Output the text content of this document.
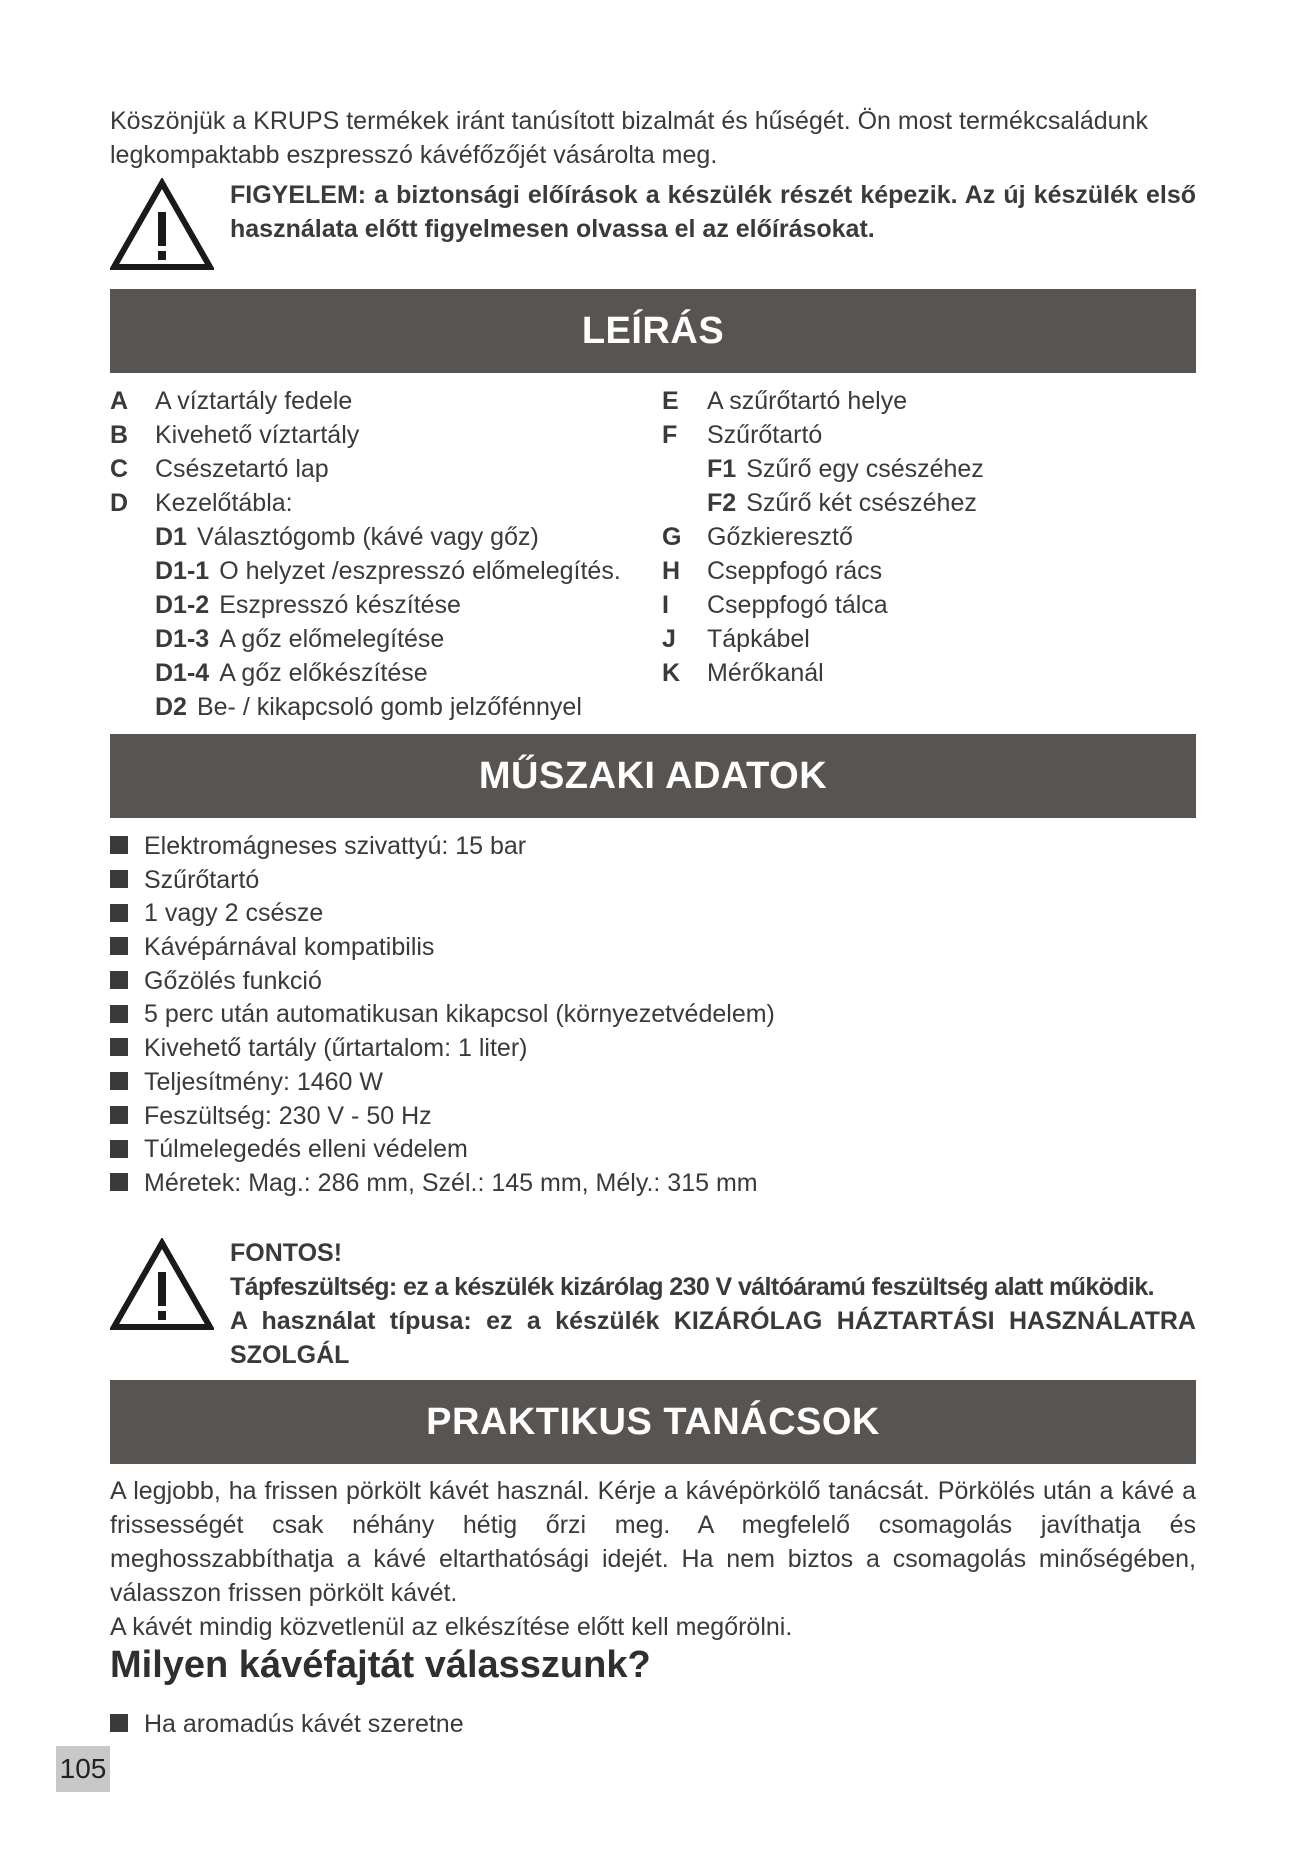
Köszönjük a KRUPS termékek iránt tanúsított bizalmát és hűségét. Ön most termékcsaládunk legkompaktabb eszpresszó kávéfőzőjét vásárolta meg.
FIGYELEM: a biztonsági előírások a készülék részét képezik. Az új készülék első használata előtt figyelmesen olvassa el az előírásokat.
LEÍRÁS
A	A víztartály fedele
B	Kivehető víztartály
C	Csészetartó lap
D	Kezelőtábla:
D1 Választógomb (kávé vagy gőz)
D1-1 O helyzet /eszpresszó előmelegítés.
D1-2 Eszpresszó készítése
D1-3 A gőz előmelegítése
D1-4 A gőz előkészítése
D2 Be- / kikapcsoló gomb jelzőfénnyel
E	A szűrőtartó helye
F	Szűrőtartó
F1 Szűrő egy csészéhez
F2 Szűrő két csészéhez
G	Gőzkieresztő
H	Cseppfogó rács
I	Cseppfogó tálca
J	Tápkábel
K	Mérőkanál
MŰSZAKI ADATOK
Elektromágneses szivattyú: 15 bar
Szűrőtartó
1 vagy 2 csésze
Kávépárnával kompatibilis
Gőzölés funkció
5 perc után automatikusan kikapcsol (környezetvédelem)
Kivehető tartály (űrtartalom: 1 liter)
Teljesítmény: 1460 W
Feszültség: 230 V - 50 Hz
Túlmelegedés elleni védelem
Méretek: Mag.: 286 mm, Szél.: 145 mm, Mély.: 315 mm
FONTOS!
Tápfeszültség: ez a készülék kizárólag 230 V váltóáramú feszültség alatt működik.
A használat típusa: ez a készülék KIZÁRÓLAG HÁZTARTÁSI HASZNÁLATRA SZOLGÁL
PRAKTIKUS TANÁCSOK

A legjobb, ha frissen pörkölt kávét használ. Kérje a kávépörkölő tanácsát. Pörkölés után a kávé a frissességét csak néhány hétig őrzi meg. A megfelelő csomagolás javíthatja és meghosszabbíthatja a kávé eltarthatósági idejét. Ha nem biztos a csomagolás minőségében, válasszon frissen pörkölt kávét.

A kávét mindig közvetlenül az elkészítése előtt kell megőrölni.

Milyen kávéfajtát válasszunk?
Ha aromadús kávét szeretne
105
